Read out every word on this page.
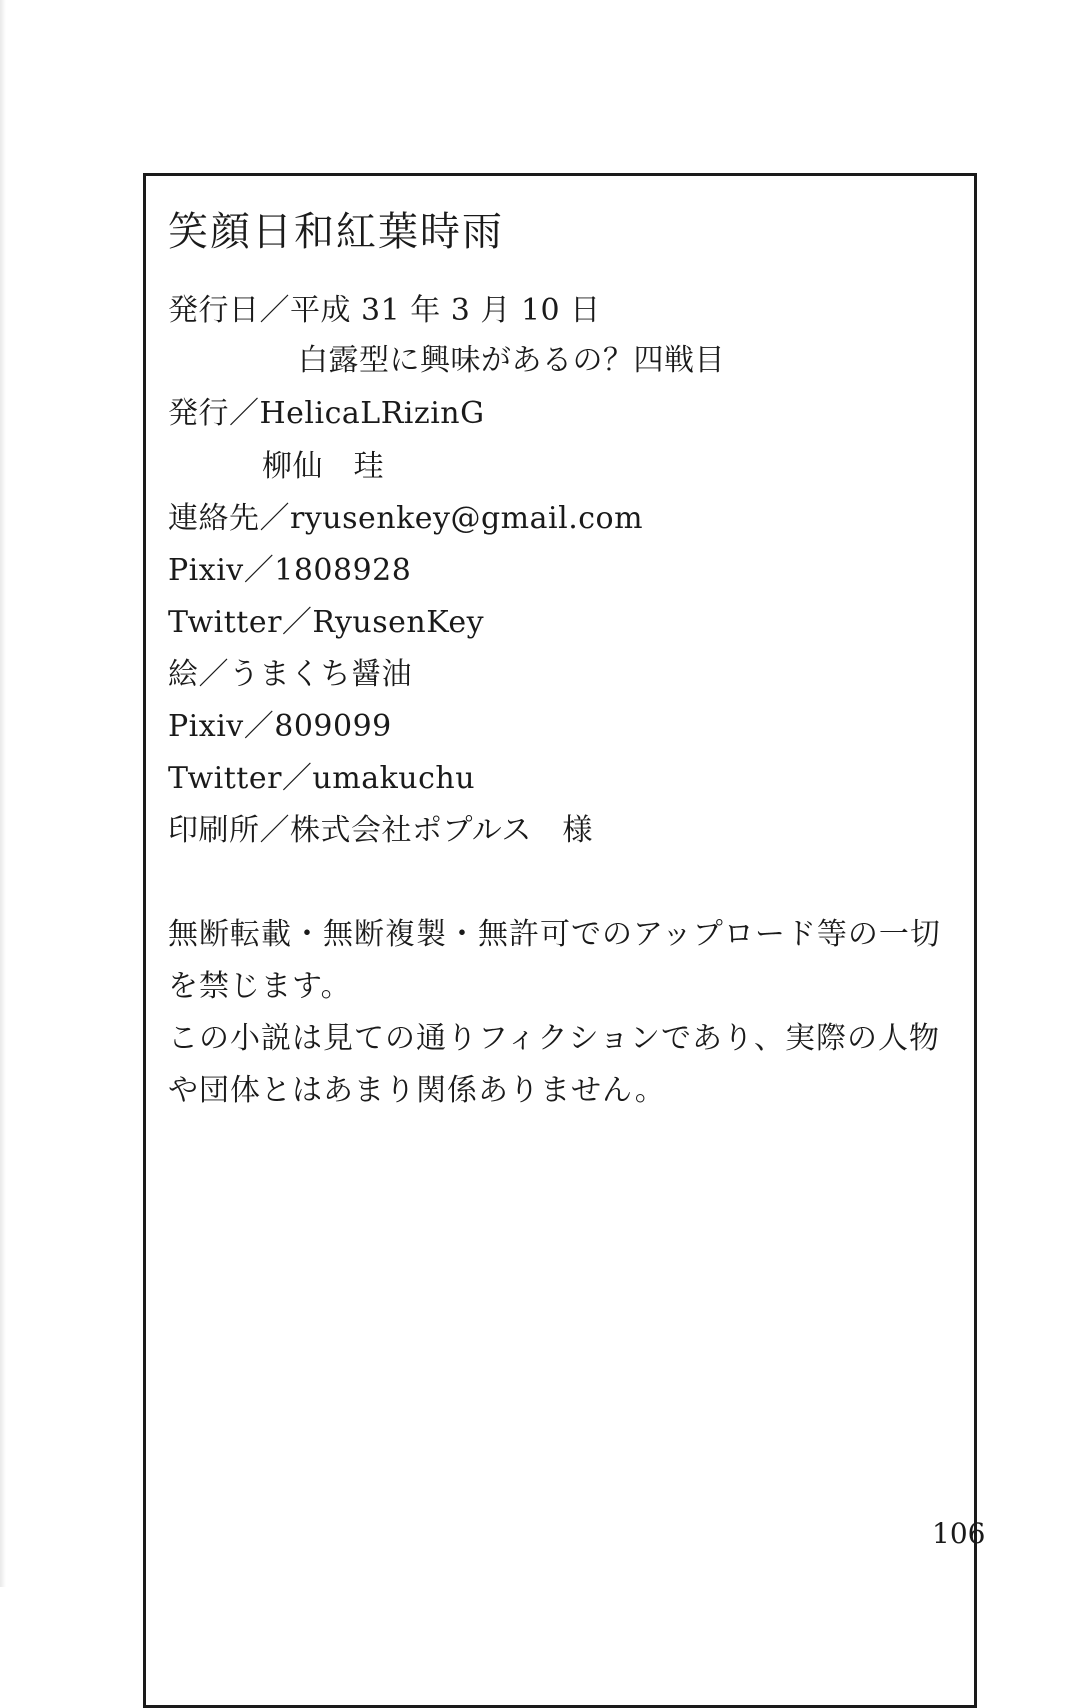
笑顔日和紅葉時雨
発行日／平成 31 年 3 月 10 日
白露型に興味があるの？四戦目
発行／HelicaLRizinG
柳仙　珪
連絡先／ryusenkey@gmail.com
Pixiv／1808928
Twitter／RyusenKey
絵／うまくち醤油
Pixiv／809099
Twitter／umakuchu
印刷所／株式会社ポプルス　様
無断転載・無断複製・無許可でのアップロード等の一切
を禁じます。
この小説は見ての通りフィクションであり、実際の人物
や団体とはあまり関係ありません。
106
